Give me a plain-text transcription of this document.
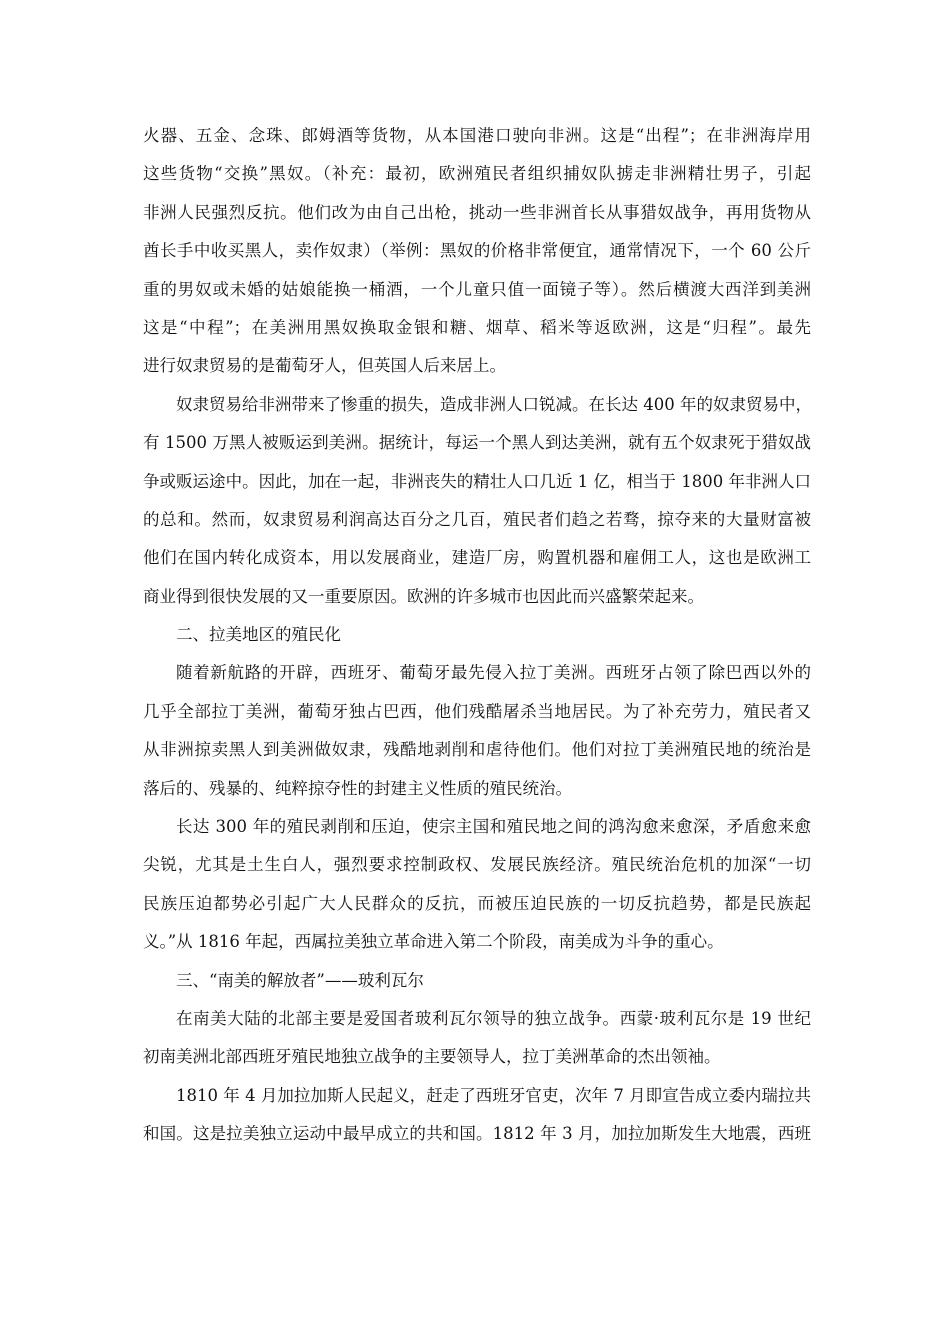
火器、五金、念珠、郎姆酒等货物，从本国港口驶向非洲。这是“出程”；在非洲海岸用
这些货物“交换”黑奴。（补充：最初，欧洲殖民者组织捕奴队掳走非洲精壮男子，引起
非洲人民强烈反抗。他们改为由自己出枪，挑动一些非洲首长从事猎奴战争，再用货物从
酋长手中收买黑人，卖作奴隶）（举例：黑奴的价格非常便宜，通常情况下，一个 60 公斤
重的男奴或未婚的姑娘能换一桶酒，一个儿童只值一面镜子等）。然后横渡大西洋到美洲
这是“中程”；在美洲用黑奴换取金银和糖、烟草、稻米等返欧洲，这是“归程”。最先
进行奴隶贸易的是葡萄牙人，但英国人后来居上。
奴隶贸易给非洲带来了惨重的损失，造成非洲人口锐减。在长达 400 年的奴隶贸易中，
有 1500 万黑人被贩运到美洲。据统计，每运一个黑人到达美洲，就有五个奴隶死于猎奴战
争或贩运途中。因此，加在一起，非洲丧失的精壮人口几近 1 亿，相当于 1800 年非洲人口
的总和。然而，奴隶贸易利润高达百分之几百，殖民者们趋之若骛，掠夺来的大量财富被
他们在国内转化成资本，用以发展商业，建造厂房，购置机器和雇佣工人，这也是欧洲工
商业得到很快发展的又一重要原因。欧洲的许多城市也因此而兴盛繁荣起来。
二、拉美地区的殖民化
随着新航路的开辟，西班牙、葡萄牙最先侵入拉丁美洲。西班牙占领了除巴西以外的
几乎全部拉丁美洲，葡萄牙独占巴西，他们残酷屠杀当地居民。为了补充劳力，殖民者又
从非洲掠卖黑人到美洲做奴隶，残酷地剥削和虐待他们。他们对拉丁美洲殖民地的统治是
落后的、残暴的、纯粹掠夺性的封建主义性质的殖民统治。
长达 300 年的殖民剥削和压迫，使宗主国和殖民地之间的鸿沟愈来愈深，矛盾愈来愈
尖锐，尤其是土生白人，强烈要求控制政权、发展民族经济。殖民统治危机的加深“一切
民族压迫都势必引起广大人民群众的反抗，而被压迫民族的一切反抗趋势，都是民族起
义。”从 1816 年起，西属拉美独立革命进入第二个阶段，南美成为斗争的重心。
三、“南美的解放者”——玻利瓦尔
在南美大陆的北部主要是爱国者玻利瓦尔领导的独立战争。西蒙·玻利瓦尔是 19 世纪
初南美洲北部西班牙殖民地独立战争的主要领导人，拉丁美洲革命的杰出领袖。
1810 年 4 月加拉加斯人民起义，赶走了西班牙官吏，次年 7 月即宣告成立委内瑞拉共
和国。这是拉美独立运动中最早成立的共和国。1812 年 3 月，加拉加斯发生大地震，西班
